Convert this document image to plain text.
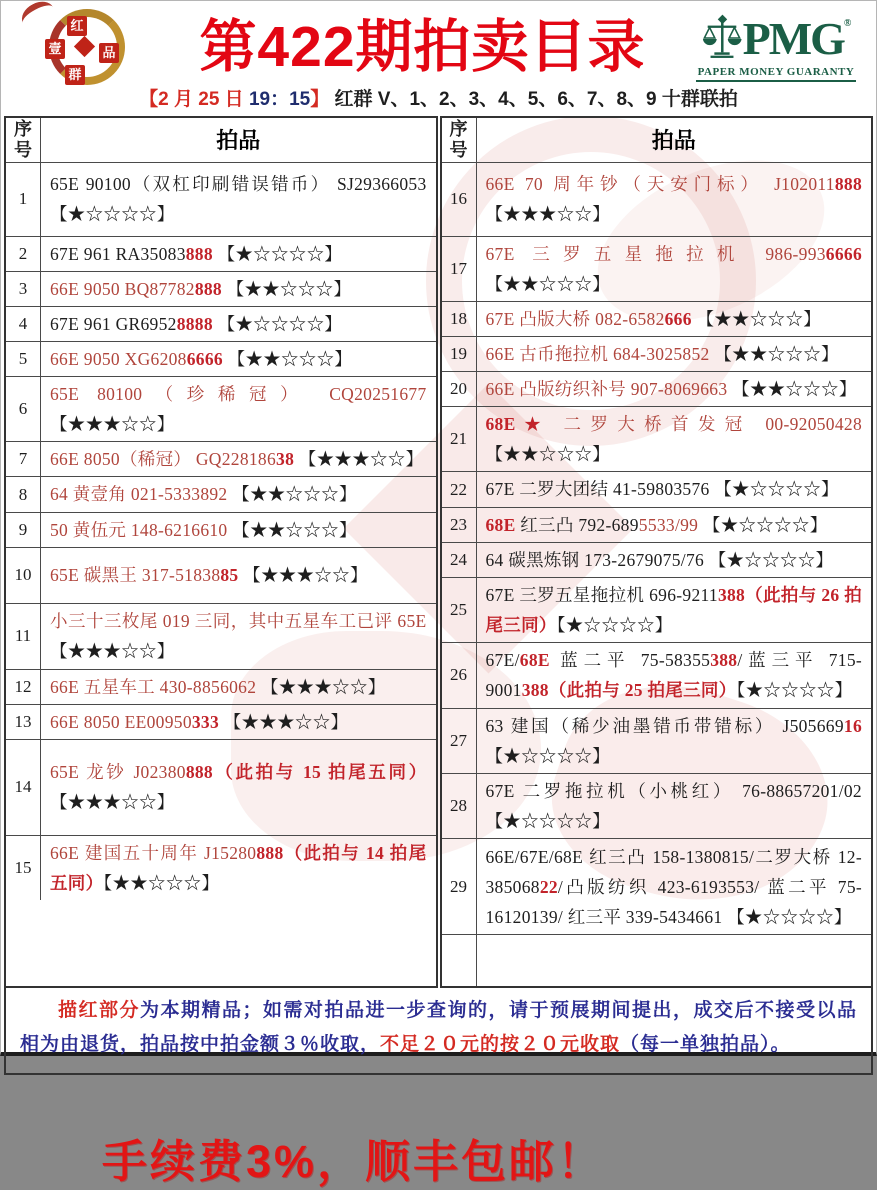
红
壹	品
群	第422期拍卖目录	PMG ®
PAPER MONEY GUARANTY
【2 月 25 日 19：15】 红群 V、1、2、3、4、5、6、7、8、9 十群联拍
序号	拍品
1
65E 90100（双杠印刷错误错币） SJ29366053 【★☆☆☆☆】
2	67E 961 RA35083888 【★☆☆☆☆】
3	66E 9050 BQ87782888 【★★☆☆☆】
4	67E 961 GR69528888 【★☆☆☆☆】
5	66E 9050 XG62086666 【★★☆☆☆】
6
65E 80100（珍稀冠） CQ20251677 【★★★☆☆】
7	66E 8050（稀冠） GQ22818638 【★★★☆☆】
8	64 黄壹角 021-5333892 【★★☆☆☆】
9	50 黄伍元 148-6216610 【★★☆☆☆】
10	65E 碳黑王 317-5183885 【★★★☆☆】
11
小三十三枚尾 019 三同，其中五星车工已评 65E 【★★★☆☆】
12	66E 五星车工 430-8856062 【★★★☆☆】
13	66E 8050 EE00950333 【★★★☆☆】
14
65E 龙钞 J02380888（此拍与 15 拍尾五同） 【★★★☆☆】
15
66E 建国五十周年 J15280888（此拍与 14 拍尾五同）【★★☆☆☆】
序号	拍品
16
66E 70 周年钞（天安门标） J102011888 【★★★☆☆】
17
67E 三罗五星拖拉机 986-9936666 【★★☆☆☆】
18	67E 凸版大桥 082-6582666 【★★☆☆☆】
19	66E 古币拖拉机 684-3025852 【★★☆☆☆】
20	66E 凸版纺织补号 907-8069663 【★★☆☆☆】
21
68E★ 二罗大桥首发冠 00-92050428 【★★☆☆☆】
22	67E 二罗大团结 41-59803576 【★☆☆☆☆】
23	68E 红三凸 792-6895533/99 【★☆☆☆☆】
24	64 碳黑炼钢 173-2679075/76 【★☆☆☆☆】
25
67E 三罗五星拖拉机 696-9211388（此拍与 26 拍尾三同）【★☆☆☆☆】
26
67E/68E 蓝二平 75-58355388/蓝三平 715-9001388（此拍与 25 拍尾三同）【★☆☆☆☆】
27
63 建国（稀少油墨错币带错标） J50566916 【★☆☆☆☆】
28
67E 二罗拖拉机（小桃红） 76-88657201/02 【★☆☆☆☆】
29
66E/67E/68E 红三凸 158-1380815/二罗大桥 12-38506822/凸版纺织 423-6193553/ 蓝二平 75-16120139/ 红三平 339-5434661 【★☆☆☆☆】
描红部分为本期精品；如需对拍品进一步查询的，请于预展期间提出，成交后不接受以品相为由退货，拍品按中拍金额３％收取，不足２０元的按２０元收取（每一单独拍品）。
手续费3%，顺丰包邮！
